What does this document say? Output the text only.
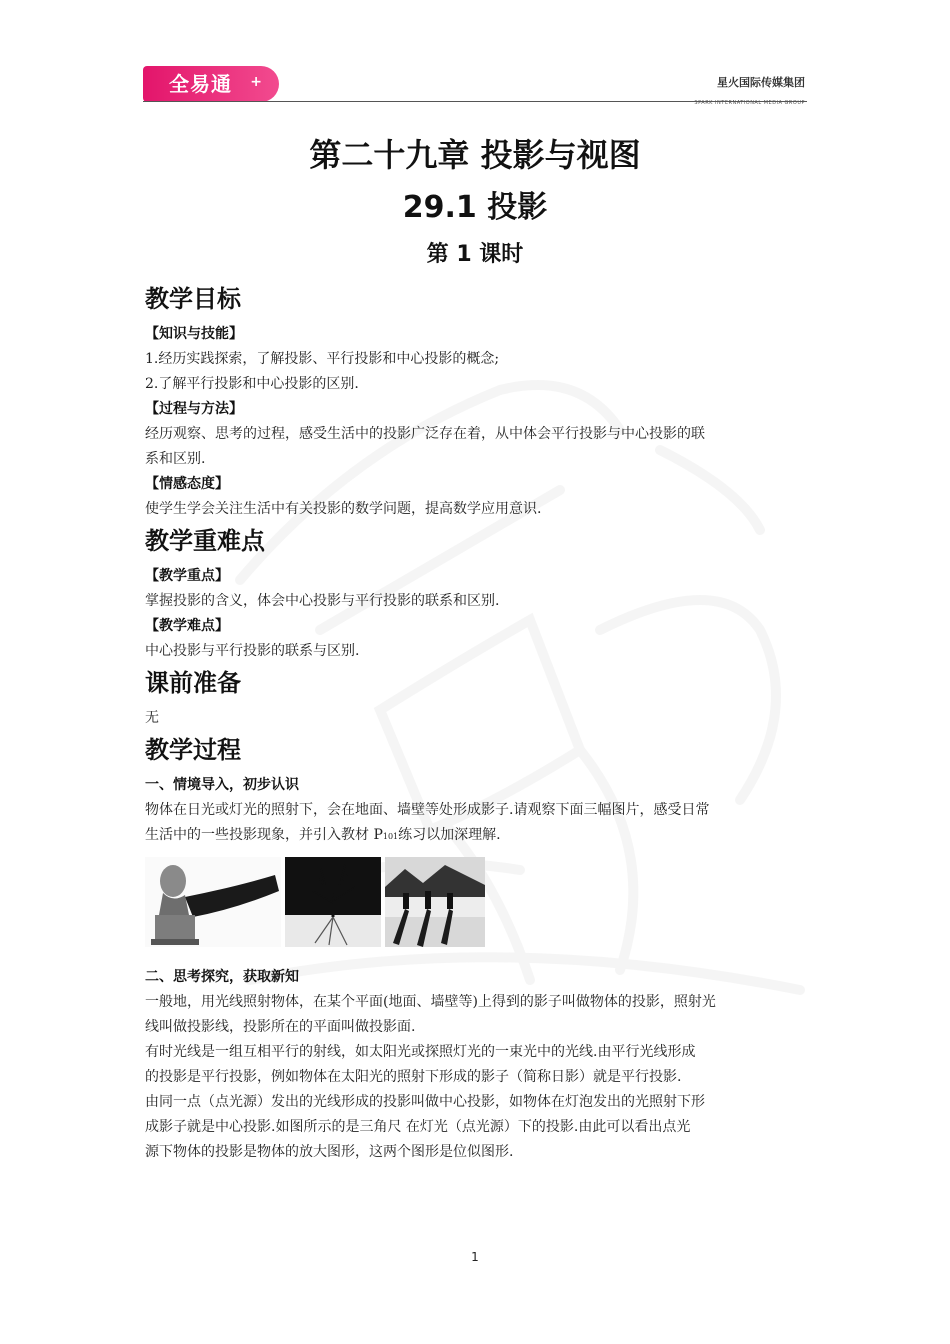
全易通 +	星火国际传媒集团
SPARK INTERNATIONAL MEDIA GROUP
第二十九章 投影与视图
29.1 投影
第 1 课时
教学目标
【知识与技能】
1.经历实践探索，了解投影、平行投影和中心投影的概念;
2.了解平行投影和中心投影的区别.
【过程与方法】
经历观察、思考的过程，感受生活中的投影广泛存在着，从中体会平行投影与中心投影的联
系和区别.
【情感态度】
使学生学会关注生活中有关投影的数学问题，提高数学应用意识.
教学重难点
【教学重点】
掌握投影的含义，体会中心投影与平行投影的联系和区别.
【教学难点】
中心投影与平行投影的联系与区别.
课前准备
无
教学过程
一、情境导入，初步认识
物体在日光或灯光的照射下，会在地面、墙壁等处形成影子.请观察下面三幅图片，感受日常
生活中的一些投影现象，并引入教材 P101练习以加深理解.
二、思考探究，获取新知
一般地，用光线照射物体，在某个平面(地面、墙壁等)上得到的影子叫做物体的投影，照射光
线叫做投影线，投影所在的平面叫做投影面.
有时光线是一组互相平行的射线，如太阳光或探照灯光的一束光中的光线.由平行光线形成
的投影是平行投影，例如物体在太阳光的照射下形成的影子（简称日影）就是平行投影.
由同一点（点光源）发出的光线形成的投影叫做中心投影，如物体在灯泡发出的光照射下形
成影子就是中心投影.如图所示的是三角尺 在灯光（点光源）下的投影.由此可以看出点光
源下物体的投影是物体的放大图形，这两个图形是位似图形.
1
